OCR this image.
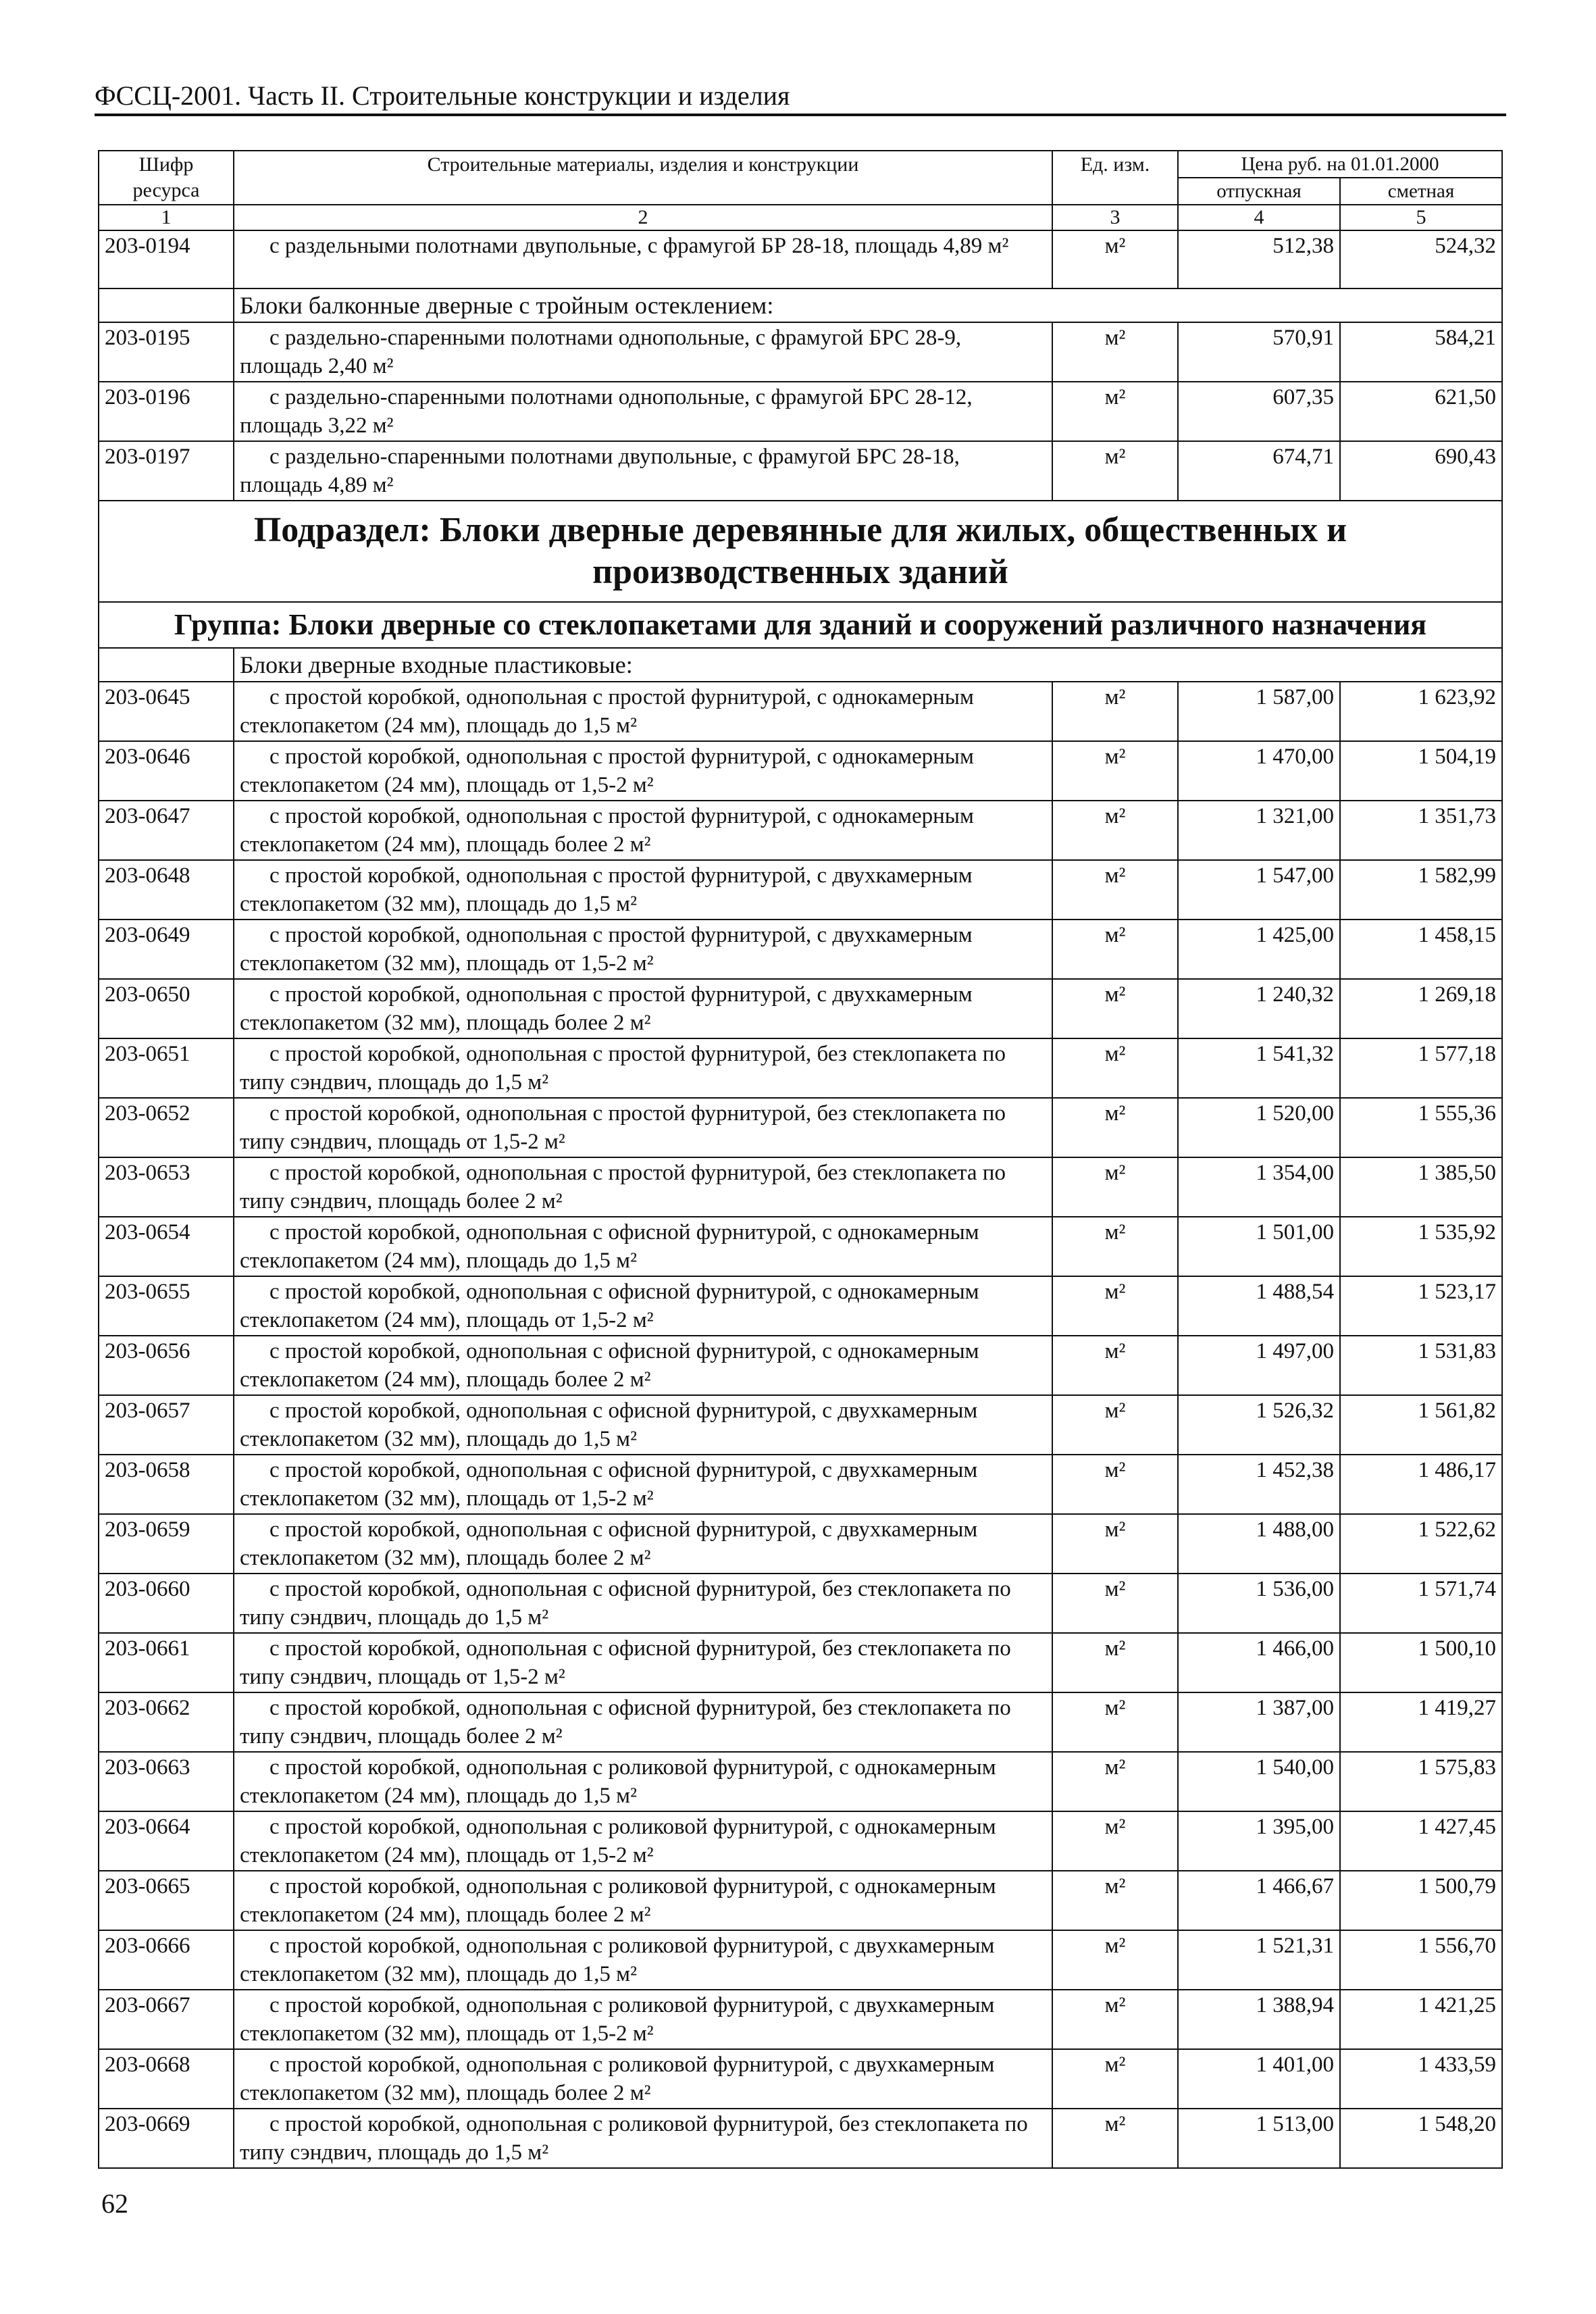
ФССЦ-2001. Часть II. Строительные конструкции и изделия
Шифр ресурса	Строительные материалы, изделия и конструкции	Ед. изм.	Цена руб. на 01.01.2000	
			отпускная	сметная
1	2	3	4	5
203-0194	с раздельными полотнами двупольные, с фрамугой БР 28-18, площадь 4,89 м²	м²	512,38	524,32
	Блоки балконные дверные с тройным остеклением:			
203-0195	с раздельно-спаренными полотнами однопольные, с фрамугой БРС 28-9, площадь 2,40 м²	м²	570,91	584,21
203-0196	с раздельно-спаренными полотнами однопольные, с фрамугой БРС 28-12, площадь 3,22 м²	м²	607,35	621,50
203-0197	с раздельно-спаренными полотнами двупольные, с фрамугой БРС 28-18, площадь 4,89 м²	м²	674,71	690,43
Подраздел: Блоки дверные деревянные для жилых, общественных и производственных зданий				
Группа: Блоки дверные со стеклопакетами для зданий и сооружений различного назначения				
	Блоки дверные входные пластиковые:			
203-0645	с простой коробкой, однопольная с простой фурнитурой, с однокамерным стеклопакетом (24 мм), площадь до 1,5 м²	м²	1 587,00	1 623,92
203-0646	с простой коробкой, однопольная с простой фурнитурой, с однокамерным стеклопакетом (24 мм), площадь от 1,5-2 м²	м²	1 470,00	1 504,19
203-0647	с простой коробкой, однопольная с простой фурнитурой, с однокамерным стеклопакетом (24 мм), площадь более 2 м²	м²	1 321,00	1 351,73
203-0648	с простой коробкой, однопольная с простой фурнитурой, с двухкамерным стеклопакетом (32 мм), площадь до 1,5 м²	м²	1 547,00	1 582,99
203-0649	с простой коробкой, однопольная с простой фурнитурой, с двухкамерным стеклопакетом (32 мм), площадь от 1,5-2 м²	м²	1 425,00	1 458,15
203-0650	с простой коробкой, однопольная с простой фурнитурой, с двухкамерным стеклопакетом (32 мм), площадь более 2 м²	м²	1 240,32	1 269,18
203-0651	с простой коробкой, однопольная с простой фурнитурой, без стеклопакета по типу сэндвич, площадь до 1,5 м²	м²	1 541,32	1 577,18
203-0652	с простой коробкой, однопольная с простой фурнитурой, без стеклопакета по типу сэндвич, площадь от 1,5-2 м²	м²	1 520,00	1 555,36
203-0653	с простой коробкой, однопольная с простой фурнитурой, без стеклопакета по типу сэндвич, площадь более 2 м²	м²	1 354,00	1 385,50
203-0654	с простой коробкой, однопольная с офисной фурнитурой, с однокамерным стеклопакетом (24 мм), площадь до 1,5 м²	м²	1 501,00	1 535,92
203-0655	с простой коробкой, однопольная с офисной фурнитурой, с однокамерным стеклопакетом (24 мм), площадь от 1,5-2 м²	м²	1 488,54	1 523,17
203-0656	с простой коробкой, однопольная с офисной фурнитурой, с однокамерным стеклопакетом (24 мм), площадь более 2 м²	м²	1 497,00	1 531,83
203-0657	с простой коробкой, однопольная с офисной фурнитурой, с двухкамерным стеклопакетом (32 мм), площадь до 1,5 м²	м²	1 526,32	1 561,82
203-0658	с простой коробкой, однопольная с офисной фурнитурой, с двухкамерным стеклопакетом (32 мм), площадь от 1,5-2 м²	м²	1 452,38	1 486,17
203-0659	с простой коробкой, однопольная с офисной фурнитурой, с двухкамерным стеклопакетом (32 мм), площадь более 2 м²	м²	1 488,00	1 522,62
203-0660	с простой коробкой, однопольная с офисной фурнитурой, без стеклопакета по типу сэндвич, площадь до 1,5 м²	м²	1 536,00	1 571,74
203-0661	с простой коробкой, однопольная с офисной фурнитурой, без стеклопакета по типу сэндвич, площадь от 1,5-2 м²	м²	1 466,00	1 500,10
203-0662	с простой коробкой, однопольная с офисной фурнитурой, без стеклопакета по типу сэндвич, площадь более 2 м²	м²	1 387,00	1 419,27
203-0663	с простой коробкой, однопольная с роликовой фурнитурой, с однокамерным стеклопакетом (24 мм), площадь до 1,5 м²	м²	1 540,00	1 575,83
203-0664	с простой коробкой, однопольная с роликовой фурнитурой, с однокамерным стеклопакетом (24 мм), площадь от 1,5-2 м²	м²	1 395,00	1 427,45
203-0665	с простой коробкой, однопольная с роликовой фурнитурой, с однокамерным стеклопакетом (24 мм), площадь более 2 м²	м²	1 466,67	1 500,79
203-0666	с простой коробкой, однопольная с роликовой фурнитурой, с двухкамерным стеклопакетом (32 мм), площадь до 1,5 м²	м²	1 521,31	1 556,70
203-0667	с простой коробкой, однопольная с роликовой фурнитурой, с двухкамерным стеклопакетом (32 мм), площадь от 1,5-2 м²	м²	1 388,94	1 421,25
203-0668	с простой коробкой, однопольная с роликовой фурнитурой, с двухкамерным стеклопакетом (32 мм), площадь более 2 м²	м²	1 401,00	1 433,59
203-0669	с простой коробкой, однопольная с роликовой фурнитурой, без стеклопакета по типу сэндвич, площадь до 1,5 м²	м²	1 513,00	1 548,20
62
